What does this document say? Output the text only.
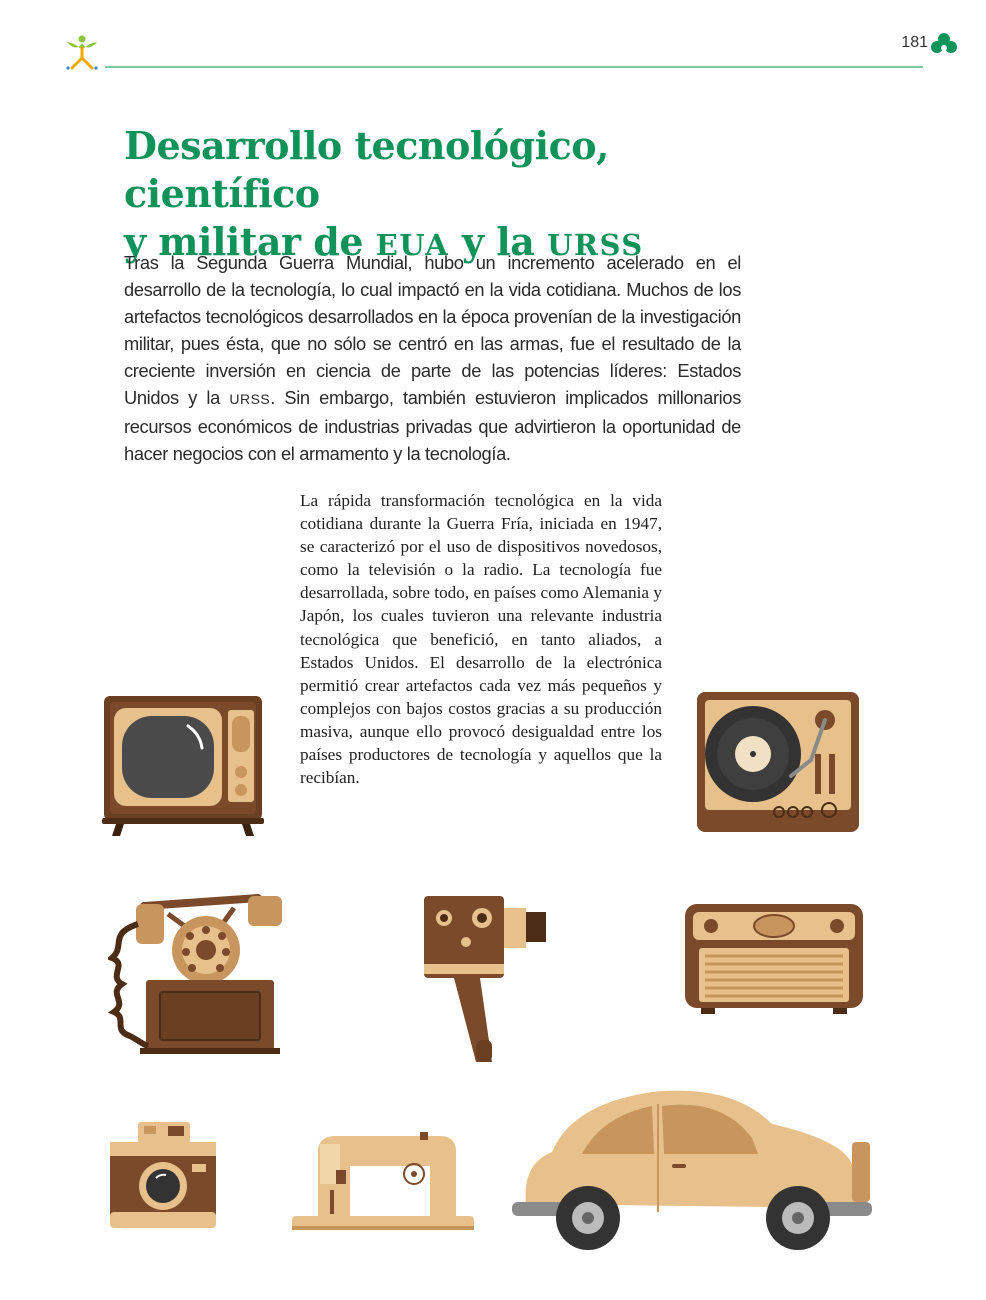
181
Desarrollo tecnológico, científico
y militar de EUA y la URSS

Tras la Segunda Guerra Mundial, hubo un incremento acelerado en el desarrollo de la tecnología, lo cual impactó en la vida cotidiana. Muchos de los artefactos tecnológicos desarrollados en la época provenían de la investigación militar, pues ésta, que no sólo se centró en las armas, fue el resultado de la creciente inversión en ciencia de parte de las potencias líderes: Estados Unidos y la URSS. Sin embargo, también estuvieron implicados millonarios recursos económicos de industrias privadas que advirtieron la oportunidad de hacer negocios con el armamento y la tecnología.

La rápida transformación tecnológica en la vida cotidiana durante la Guerra Fría, iniciada en 1947, se caracterizó por el uso de dispositivos novedosos, como la televisión o la radio. La tecnología fue desarrollada, sobre todo, en países como Alemania y Japón, los cuales tuvieron una relevante industria tecnológica que benefició, en tanto aliados, a Estados Unidos. El desarrollo de la electrónica permitió crear artefactos cada vez más pequeños y complejos con bajos costos gracias a su producción masiva, aunque ello provocó desigualdad entre los países productores de tecnología y aquellos que la recibían.
